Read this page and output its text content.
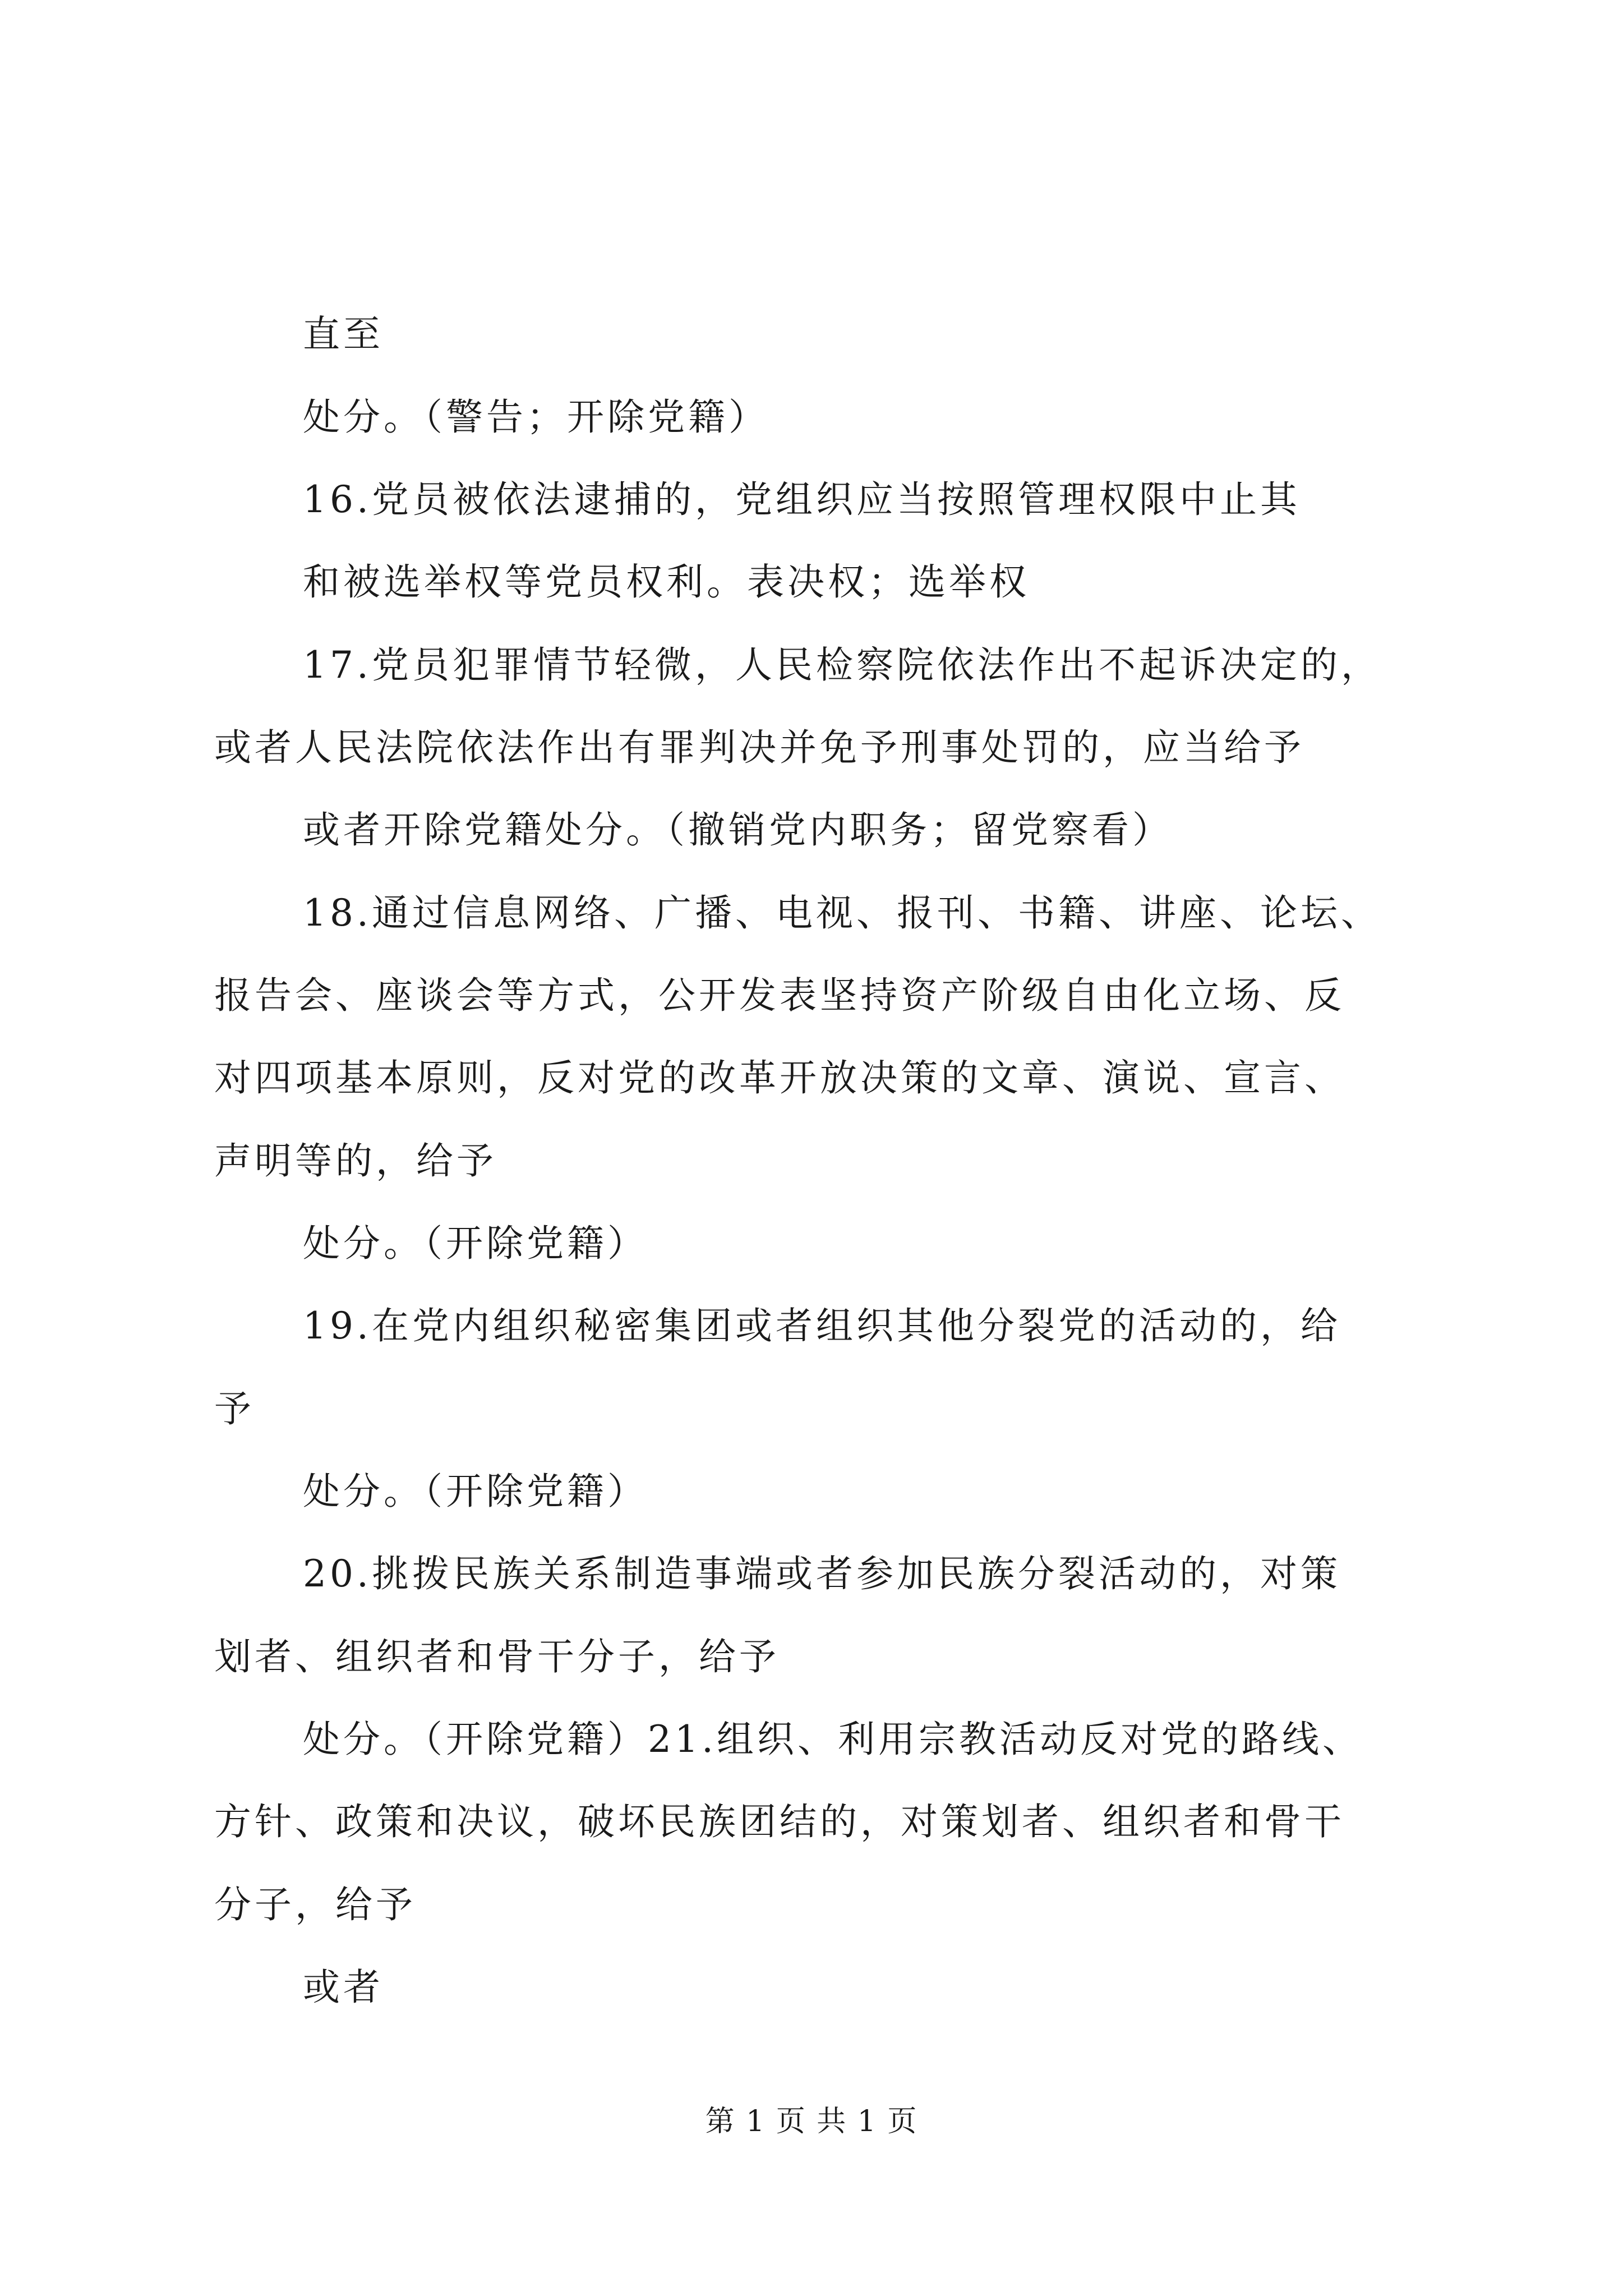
直至
处分。（警告；开除党籍）
16.党员被依法逮捕的，党组织应当按照管理权限中止其
和被选举权等党员权利。表决权；选举权
17.党员犯罪情节轻微，人民检察院依法作出不起诉决定的，
或者人民法院依法作出有罪判决并免予刑事处罚的，应当给予
或者开除党籍处分。（撤销党内职务；留党察看）
18.通过信息网络、广播、电视、报刊、书籍、讲座、论坛、
报告会、座谈会等方式，公开发表坚持资产阶级自由化立场、反
对四项基本原则，反对党的改革开放决策的文章、演说、宣言、
声明等的，给予
处分。（开除党籍）
19.在党内组织秘密集团或者组织其他分裂党的活动的，给
予
处分。（开除党籍）
20.挑拨民族关系制造事端或者参加民族分裂活动的，对策
划者、组织者和骨干分子，给予
处分。（开除党籍）21.组织、利用宗教活动反对党的路线、
方针、政策和决议，破坏民族团结的，对策划者、组织者和骨干
分子，给予
或者
第 1 页 共 1 页
